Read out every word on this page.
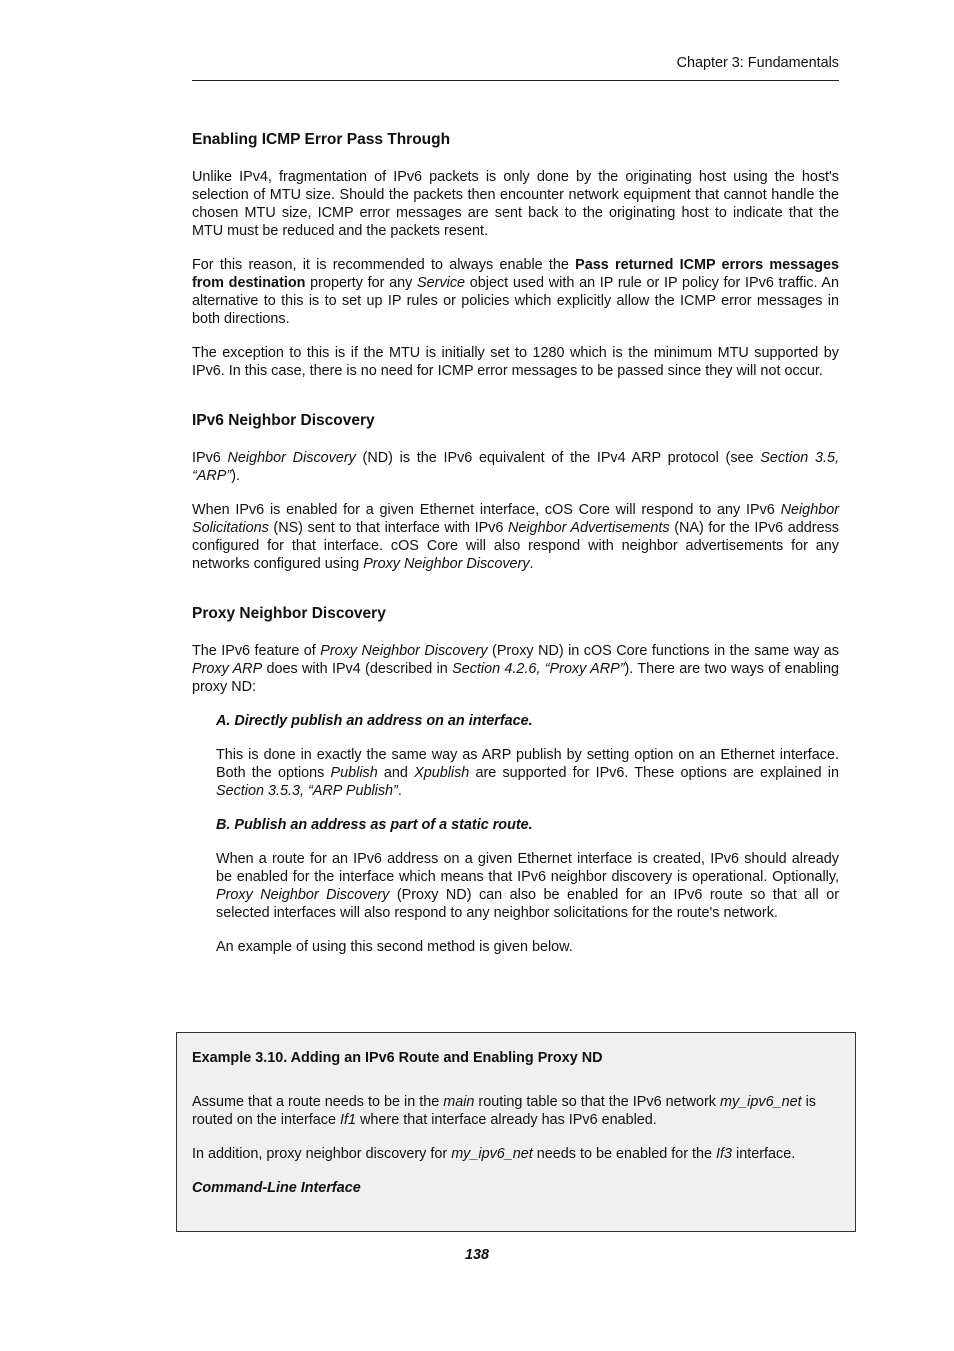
Chapter 3: Fundamentals
Enabling ICMP Error Pass Through

Unlike IPv4, fragmentation of IPv6 packets is only done by the originating host using the host's selection of MTU size. Should the packets then encounter network equipment that cannot handle the chosen MTU size, ICMP error messages are sent back to the originating host to indicate that the MTU must be reduced and the packets resent.

For this reason, it is recommended to always enable the Pass returned ICMP errors messages from destination property for any Service object used with an IP rule or IP policy for IPv6 traffic. An alternative to this is to set up IP rules or policies which explicitly allow the ICMP error messages in both directions.

The exception to this is if the MTU is initially set to 1280 which is the minimum MTU supported by IPv6. In this case, there is no need for ICMP error messages to be passed since they will not occur.

IPv6 Neighbor Discovery

IPv6 Neighbor Discovery (ND) is the IPv6 equivalent of the IPv4 ARP protocol (see Section 3.5, “ARP”).

When IPv6 is enabled for a given Ethernet interface, cOS Core will respond to any IPv6 Neighbor Solicitations (NS) sent to that interface with IPv6 Neighbor Advertisements (NA) for the IPv6 address configured for that interface. cOS Core will also respond with neighbor advertisements for any networks configured using Proxy Neighbor Discovery.

Proxy Neighbor Discovery

The IPv6 feature of Proxy Neighbor Discovery (Proxy ND) in cOS Core functions in the same way as Proxy ARP does with IPv4 (described in Section 4.2.6, “Proxy ARP”). There are two ways of enabling proxy ND:

A. Directly publish an address on an interface.

This is done in exactly the same way as ARP publish by setting option on an Ethernet interface. Both the options Publish and Xpublish are supported for IPv6. These options are explained in Section 3.5.3, “ARP Publish”.

B. Publish an address as part of a static route.

When a route for an IPv6 address on a given Ethernet interface is created, IPv6 should already be enabled for the interface which means that IPv6 neighbor discovery is operational. Optionally, Proxy Neighbor Discovery (Proxy ND) can also be enabled for an IPv6 route so that all or selected interfaces will also respond to any neighbor solicitations for the route's network.

An example of using this second method is given below.

Example 3.10. Adding an IPv6 Route and Enabling Proxy ND

Assume that a route needs to be in the main routing table so that the IPv6 network my_ipv6_net is routed on the interface If1 where that interface already has IPv6 enabled.

In addition, proxy neighbor discovery for my_ipv6_net needs to be enabled for the If3 interface.

Command-Line Interface
138
